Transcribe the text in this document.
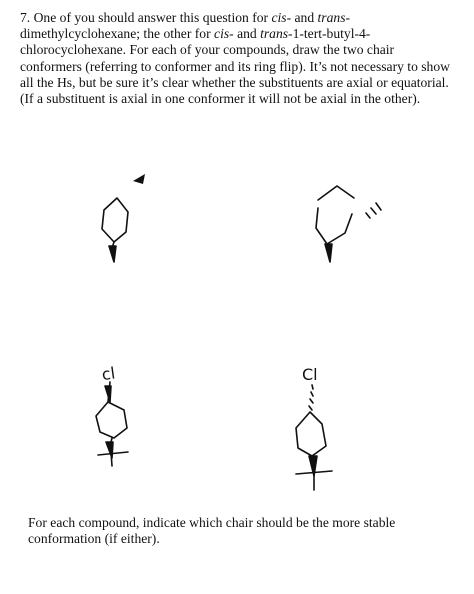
7. One of you should answer this question for cis- and trans-dimethylcyclohexane; the other for cis- and trans-1-tert-butyl-4-chlorocyclohexane. For each of your compounds, draw the two chair conformers (referring to conformer and its ring flip). It’s not necessary to show all the Hs, but be sure it’s clear whether the substituents are axial or equatorial. (If a substituent is axial in one conformer it will not be axial in the other).
cl	Cl
For each compound, indicate which chair should be the more stable conformation (if either).
